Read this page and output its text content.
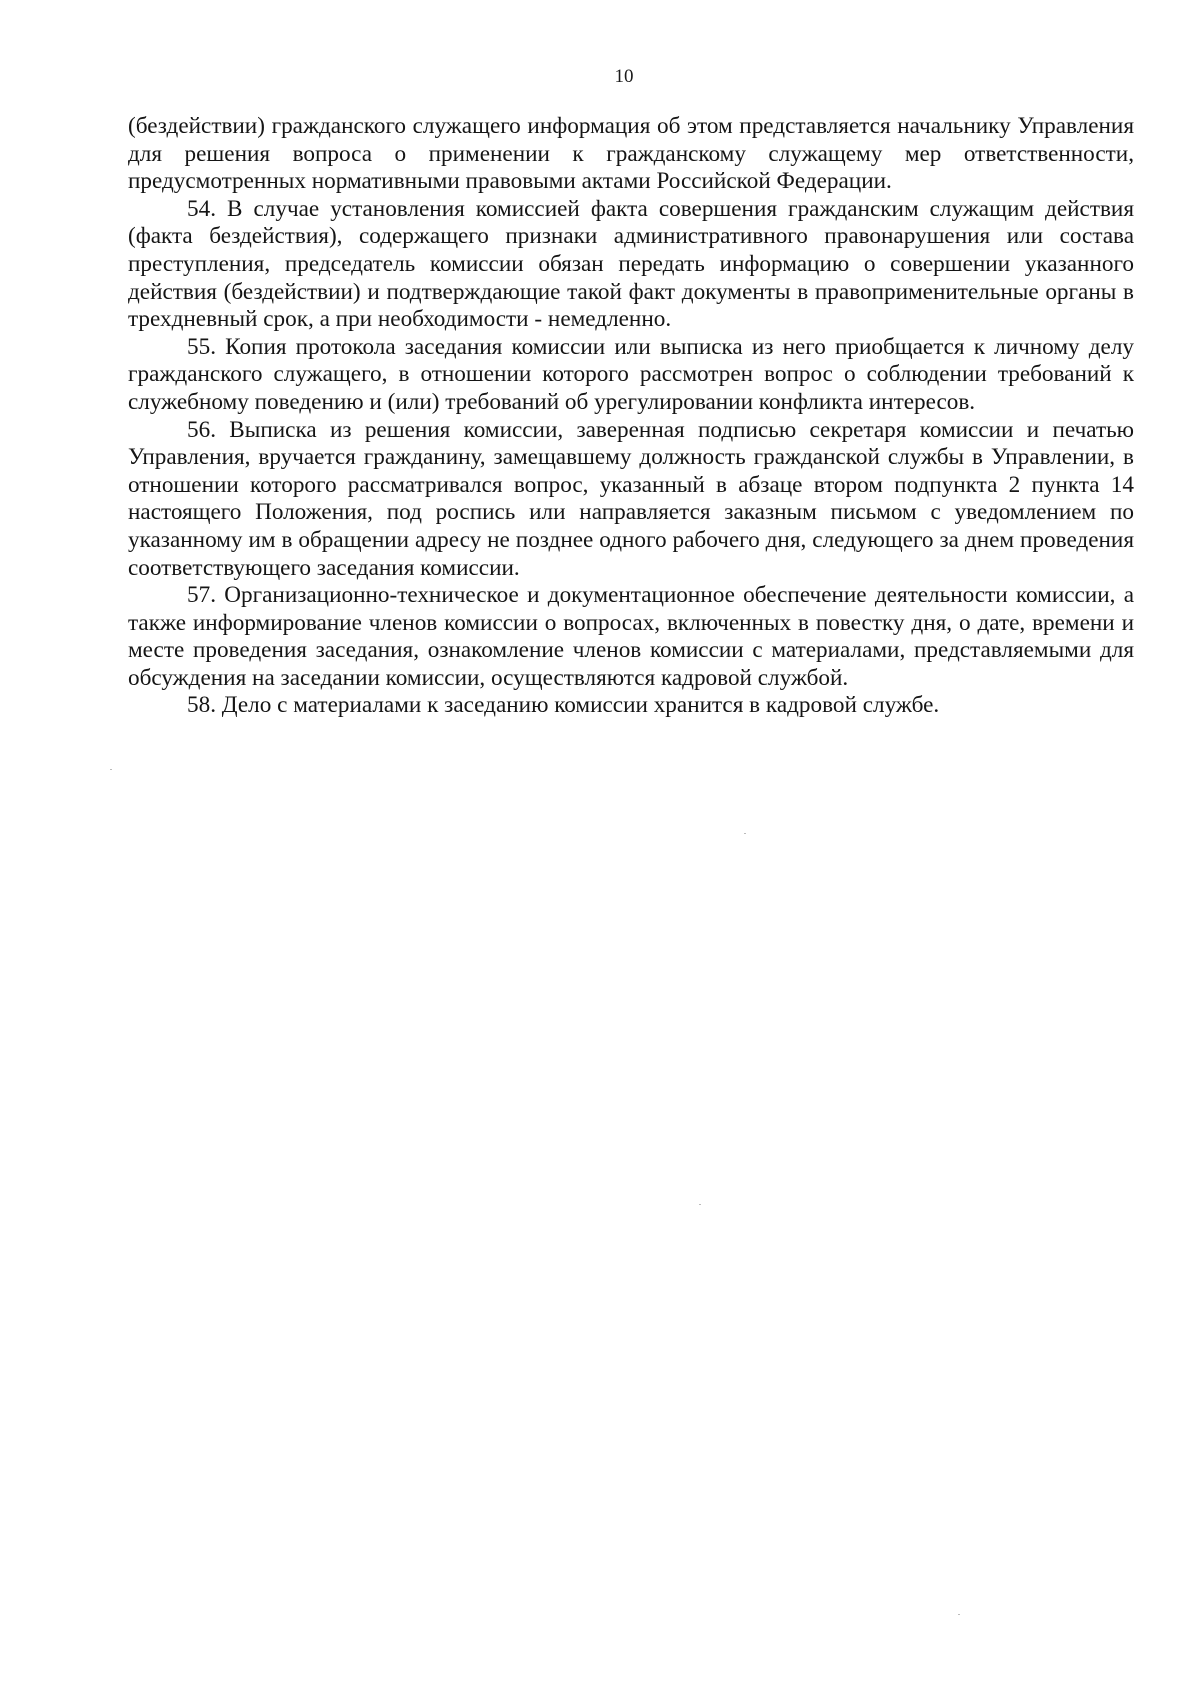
10

(бездействии) гражданского служащего информация об этом представляется начальнику Управления для решения вопроса о применении к гражданскому служащему мер ответственности, предусмотренных нормативными правовыми актами Российской Федерации.

54. В случае установления комиссией факта совершения гражданским служащим действия (факта бездействия), содержащего признаки административного правонарушения или состава преступления, председатель комиссии обязан передать информацию о совершении указанного действия (бездействии) и подтверждающие такой факт документы в правоприменительные органы в трехдневный срок, а при необходимости - немедленно.

55. Копия протокола заседания комиссии или выписка из него приобщается к личному делу гражданского служащего, в отношении которого рассмотрен вопрос о соблюдении требований к служебному поведению и (или) требований об урегулировании конфликта интересов.

56. Выписка из решения комиссии, заверенная подписью секретаря комиссии и печатью Управления, вручается гражданину, замещавшему должность гражданской службы в Управлении, в отношении которого рассматривался вопрос, указанный в абзаце втором подпункта 2 пункта 14 настоящего Положения, под роспись или направляется заказным письмом с уведомлением по указанному им в обращении адресу не позднее одного рабочего дня, следующего за днем проведения соответствующего заседания комиссии.

57. Организационно-техническое и документационное обеспечение деятельности комиссии, а также информирование членов комиссии о вопросах, включенных в повестку дня, о дате, времени и месте проведения заседания, ознакомление членов комиссии с материалами, представляемыми для обсуждения на заседании комиссии, осуществляются кадровой службой.

58. Дело с материалами к заседанию комиссии хранится в кадровой службе.
